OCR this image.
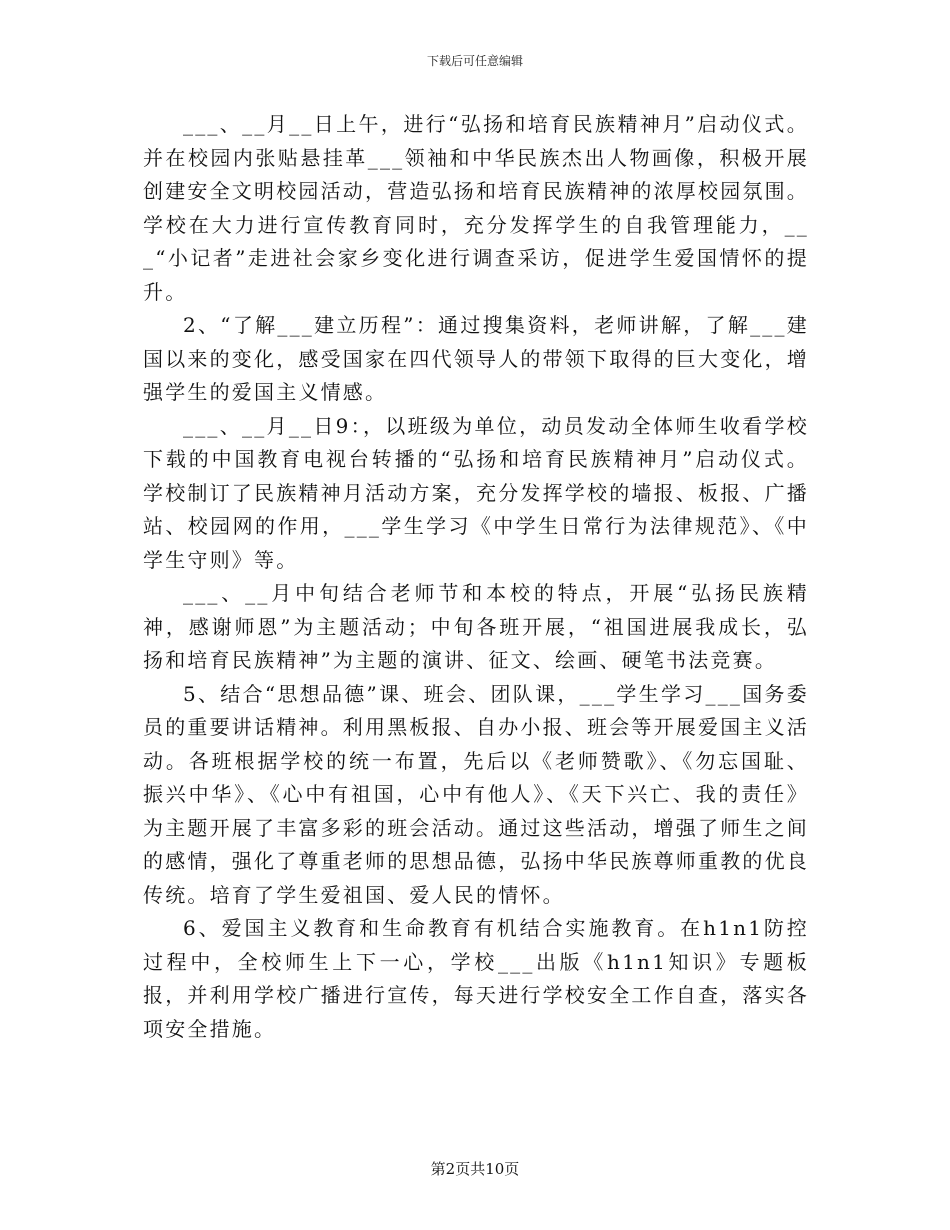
下载后可任意编辑

___、__月__日上午，进行“弘扬和培育民族精神月”启动仪式。并在校园内张贴悬挂革___领袖和中华民族杰出人物画像，积极开展创建安全文明校园活动，营造弘扬和培育民族精神的浓厚校园氛围。学校在大力进行宣传教育同时，充分发挥学生的自我管理能力，___“小记者”走进社会家乡变化进行调查采访，促进学生爱国情怀的提升。

2、“了解___建立历程”：通过搜集资料，老师讲解，了解___建国以来的变化，感受国家在四代领导人的带领下取得的巨大变化，增强学生的爱国主义情感。

___、__月__日9：，以班级为单位，动员发动全体师生收看学校下载的中国教育电视台转播的“弘扬和培育民族精神月”启动仪式。学校制订了民族精神月活动方案，充分发挥学校的墙报、板报、广播站、校园网的作用，___学生学习《中学生日常行为法律规范》、《中学生守则》等。

___、__月中旬结合老师节和本校的特点，开展“弘扬民族精神，感谢师恩”为主题活动；中旬各班开展，“祖国进展我成长，弘扬和培育民族精神”为主题的演讲、征文、绘画、硬笔书法竞赛。

5、结合“思想品德”课、班会、团队课，___学生学习___国务委员的重要讲话精神。利用黑板报、自办小报、班会等开展爱国主义活动。各班根据学校的统一布置，先后以《老师赞歌》、《勿忘国耻、振兴中华》、《心中有祖国，心中有他人》、《天下兴亡、我的责任》为主题开展了丰富多彩的班会活动。通过这些活动，增强了师生之间的感情，强化了尊重老师的思想品德，弘扬中华民族尊师重教的优良传统。培育了学生爱祖国、爱人民的情怀。

6、爱国主义教育和生命教育有机结合实施教育。在h1n1防控过程中，全校师生上下一心，学校___出版《h1n1知识》专题板报，并利用学校广播进行宣传，每天进行学校安全工作自查，落实各项安全措施。

第2页共10页
